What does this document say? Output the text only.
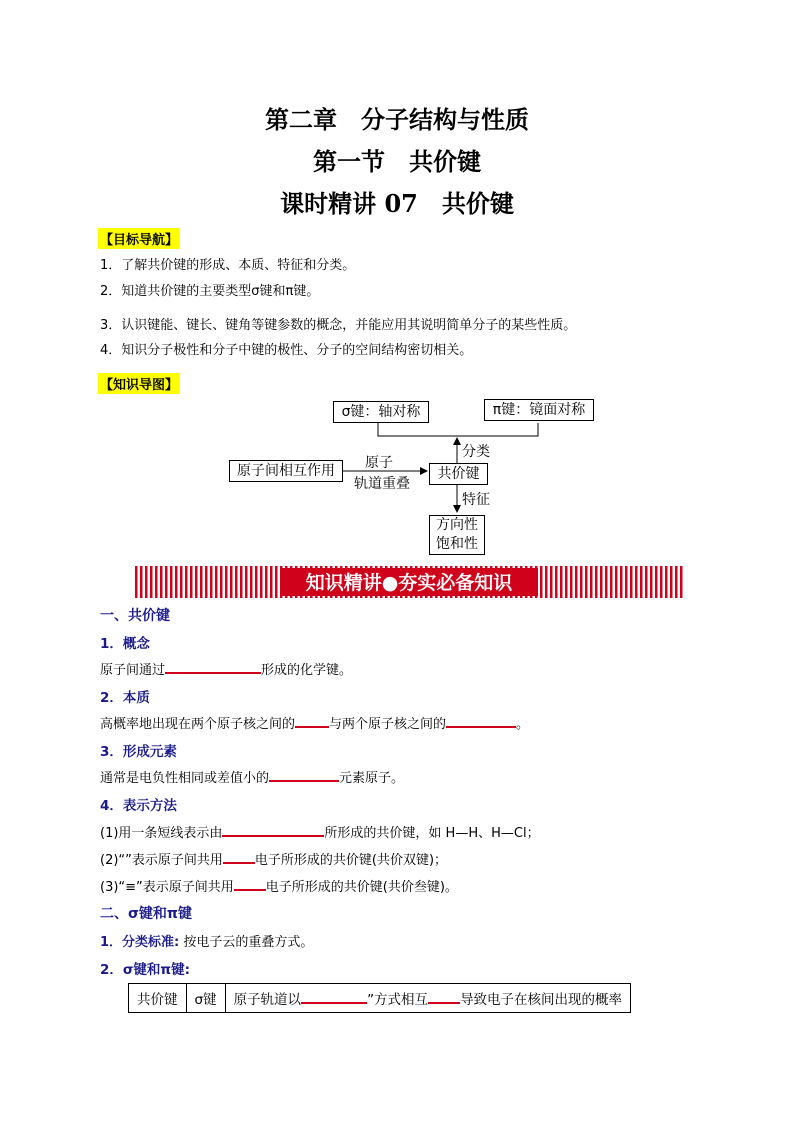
第二章　分子结构与性质
第一节　共价键
课时精讲 07　共价键
【目标导航】
1．了解共价键的形成、本质、特征和分类。
2．知道共价键的主要类型σ键和π键。
3．认识键能、键长、键角等键参数的概念，并能应用其说明简单分子的某些性质。
4．知识分子极性和分子中键的极性、分子的空间结构密切相关。
【知识导图】
σ键：轴对称	π键：镜面对称
原子间相互作用	原子
轨道重叠
共价键
分类
特征
方向性
饱和性
知识精讲●夯实必备知识
一、共价键
1．概念
原子间通过	形成的化学键。
2．本质
高概率地出现在两个原子核之间的	与两个原子核之间的	。
3．形成元素
通常是电负性相同或差值小的	元素原子。
4．表示方法
(1)用一条短线表示由	所形成的共价键，如 H—H、H—Cl；
(2)“”表示原子间共用 电子所形成的共价键(共价双键)；
(3)“≡”表示原子间共用 电子所形成的共价键(共价叁键)。
二、σ键和π键
1．分类标准: 按电子云的重叠方式。
2．σ键和π键:
共价键	σ键	原子轨道以	”方式相互 导致电子在核间出现的概率
